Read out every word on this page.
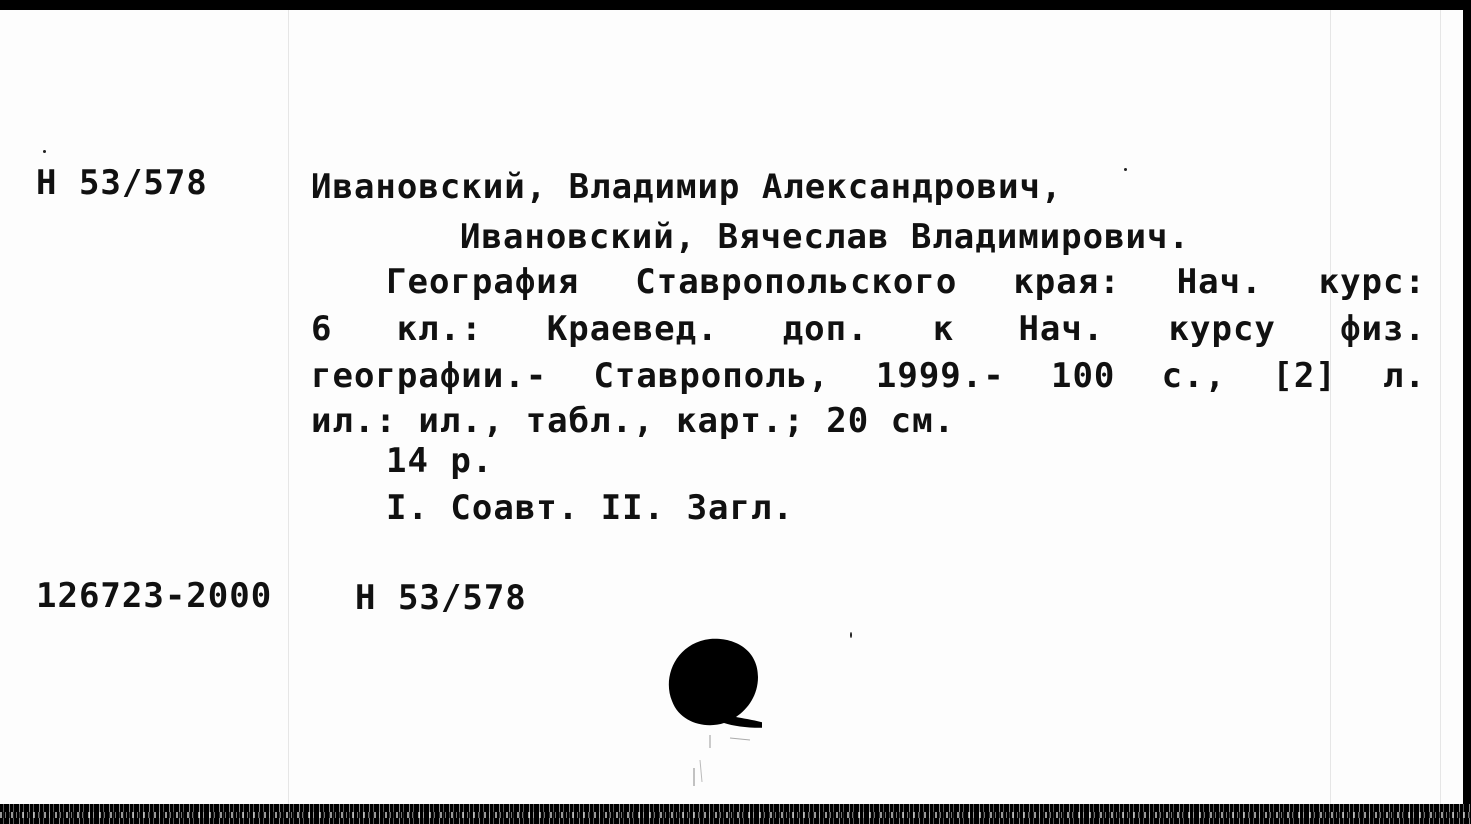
Н 53/578	Ивановский, Владимир Александрович,
Ивановский, Вячеслав Владимирович.
География Ставропольского края: Нач. курс:
6 кл.: Краевед. доп. к Нач. курсу физ.
географии.- Ставрополь, 1999.- 100 с., [2] л.
ил.: ил., табл., карт.; 20 см.
14 р.
I. Соавт. II. Загл.
126723-2000 Н 53/578
